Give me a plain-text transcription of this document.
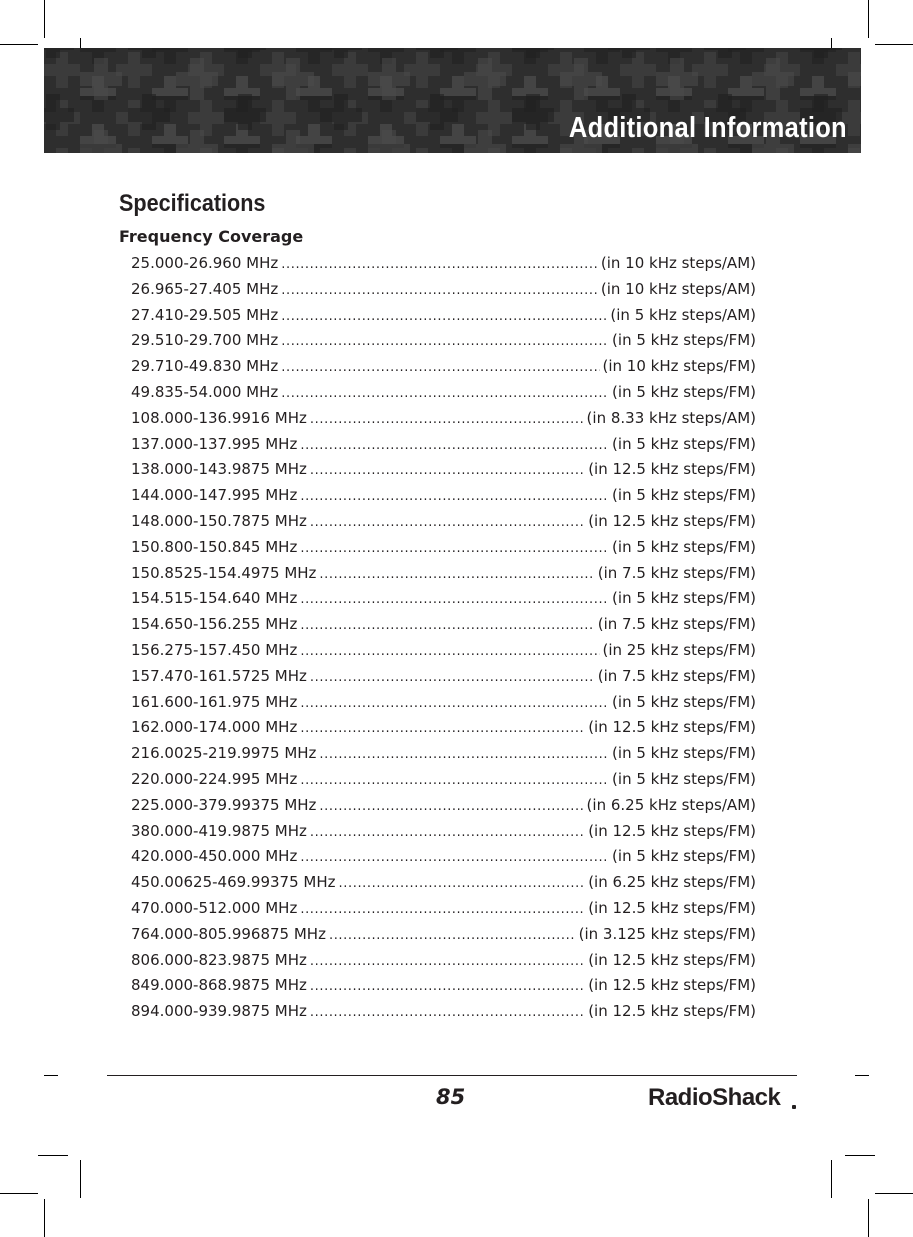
Additional Information
Specifications
Frequency Coverage
25.000-26.960 MHz .....	(in 10 kHz steps/AM)
26.965-27.405 MHz .....	(in 10 kHz steps/AM)
27.410-29.505 MHz .....	(in 5 kHz steps/AM)
29.510-29.700 MHz .....	(in 5 kHz steps/FM)
29.710-49.830 MHz .....	(in 10 kHz steps/FM)
49.835-54.000 MHz .....	(in 5 kHz steps/FM)
108.000-136.9916 MHz .....	(in 8.33 kHz steps/AM)
137.000-137.995 MHz .....	(in 5 kHz steps/FM)
138.000-143.9875 MHz .....	(in 12.5 kHz steps/FM)
144.000-147.995 MHz .....	(in 5 kHz steps/FM)
148.000-150.7875 MHz .....	(in 12.5 kHz steps/FM)
150.800-150.845 MHz .....	(in 5 kHz steps/FM)
150.8525-154.4975 MHz .....	(in 7.5 kHz steps/FM)
154.515-154.640 MHz .....	(in 5 kHz steps/FM)
154.650-156.255 MHz .....	(in 7.5 kHz steps/FM)
156.275-157.450 MHz .....	(in 25 kHz steps/FM)
157.470-161.5725 MHz .....	(in 7.5 kHz steps/FM)
161.600-161.975 MHz .....	(in 5 kHz steps/FM)
162.000-174.000 MHz .....	(in 12.5 kHz steps/FM)
216.0025-219.9975 MHz .....	(in 5 kHz steps/FM)
220.000-224.995 MHz .....	(in 5 kHz steps/FM)
225.000-379.99375 MHz .....	(in 6.25 kHz steps/AM)
380.000-419.9875 MHz .....	(in 12.5 kHz steps/FM)
420.000-450.000 MHz .....	(in 5 kHz steps/FM)
450.00625-469.99375 MHz .....	(in 6.25 kHz steps/FM)
470.000-512.000 MHz .....	(in 12.5 kHz steps/FM)
764.000-805.996875 MHz .....	(in 3.125 kHz steps/FM)
806.000-823.9875 MHz .....	(in 12.5 kHz steps/FM)
849.000-868.9875 MHz .....	(in 12.5 kHz steps/FM)
894.000-939.9875 MHz .....	(in 12.5 kHz steps/FM)
85	RadioShack
